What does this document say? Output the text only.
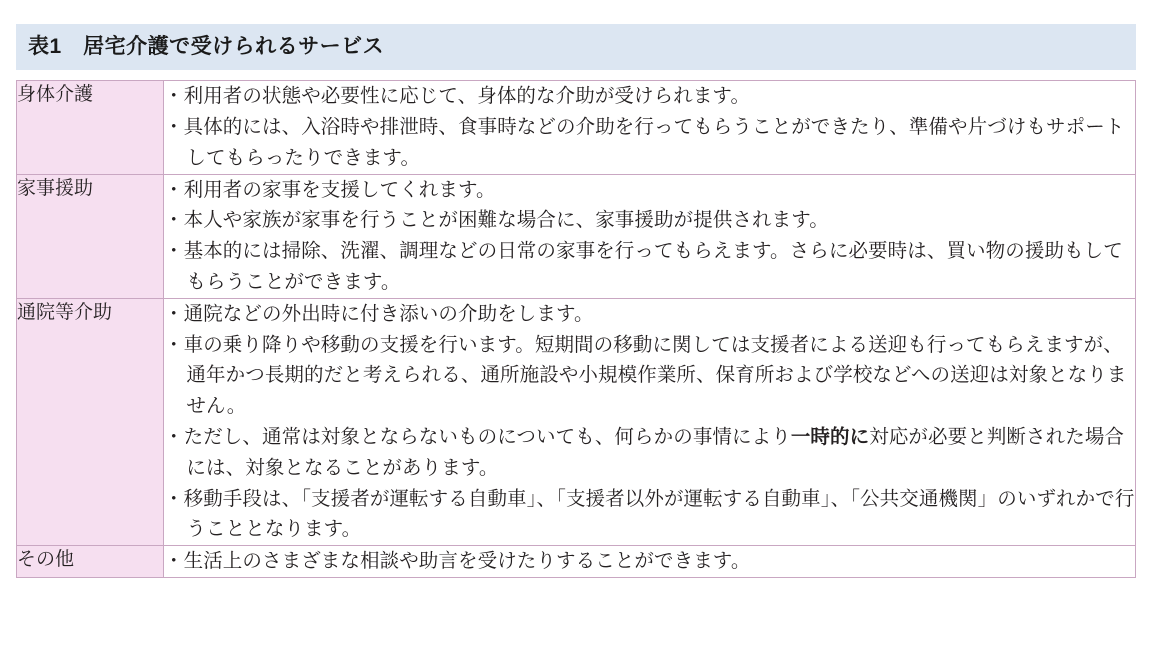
表1　居宅介護で受けられるサービス
身体介護	
・利用者の状態や必要性に応じて、身体的な介助が受けられます。
・ 具体的には、入浴時や排泄時、食事時などの介助を行ってもらうことができたり、準備や片づけもサポートしてもらったりできます。

家事援助	
・利用者の家事を支援してくれます。
・ 本人や家族が家事を行うことが困難な場合に、家事援助が提供されます。
・ 基本的には掃除、洗濯、調理などの日常の家事を行ってもらえます。さらに必要時は、買い物の援助もしてもらうことができます。

通院等介助	
・通院などの外出時に付き添いの介助をします。
・ 車の乗り降りや移動の支援を行います。短期間の移動に関しては支援者による送迎も行ってもらえますが、通年かつ長期的だと考えられる、通所施設や小規模作業所、保育所および学校などへの送迎は対象となりません。
・ ただし、通常は対象とならないものについても、何らかの事情により一時的に対応が必要と判断された場合には、対象となることがあります。
・ 移動手段は、「支援者が運転する自動車」、「支援者以外が運転する自動車」、「公共交通機関」のいずれかで行うこととなります。

その他	
・生活上のさまざまな相談や助言を受けたりすることができます。
